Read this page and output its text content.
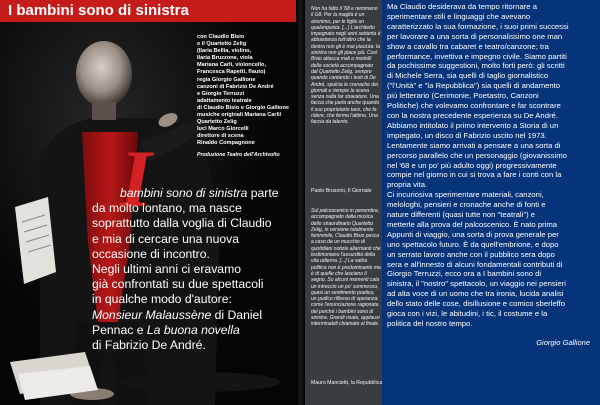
I bambini sono di sinistra
con Claudio Bisio
e il Quartetto Zelig
(Ilaria Bellia, violino,
Ilaria Bruzzone, viola
Mariana Carli, violoncello,
Francesca Rapetti, flauto)
regia Giorgio Gallione
canzoni di Fabrizio De André
e Giorgio Terruzzi
adattamento teatrale
di Claudio Bisio e Giorgio Gallione
musiche originali Mariana Carli/
Quartetto Zelig
luci Marco Giorcelli
direttore di scena
Rinaldo Compagnone
Produzione Teatro dell'Archivolto
I
bambini sono di sinistra parte
da molto lontano, ma nasce
soprattutto dalla voglia di Claudio
e mia di cercare una nuova
occasione di incontro.
Negli ultimi anni ci eravamo
già confrontati su due spettacoli
in qualche modo d'autore:
Monsieur Malaussène di Daniel
Pennac e La buona novella
di Fabrizio De André.
Non ha fatto il '68 e nemmeno il G8. Per la maglia è un anonimo, per le figlie un qualunquista. [...] L'architetto impegnato negli anni settanta è abbastanza tutt'altro che la destra non gli è mai piaciuta: la sinistra non gli piace più. Così Bisio attacca mali e modelli della società accompagnato dal Quartetto Zelig, sempre quando cantando i testi di De André, spulcia le cronache dei giornali e riempie la scena senza nulla far sbavature. Una faccia che parla anche quando il suo proprietario tace, che fa ridere, che ferma l'attimo. Una faccia da talento.
Paolo Brusorio, Il Giornale
Sul palcoscenico in penombra, accompagnato dalla musica dello straordinario Quartetto Zelig, in versione totalmente femminile, Claudio Bisio pesca a caso da un mucchio di quotidiani notizie allarmanti che testimoniano l'assurdità della vita odierna. [...] La satira politica non è predominante ma è di quelle che lasciano il segno. Su alcuni momenti cala un intreccio un po' sommesso, quasi un sentimento poetico, un pudico riflesso di speranza: come l'enunciazione ragionata del perché i bambini sono di sinistra. Grandi risate, applausi interminabili chiamate al finale.
Mauro Mancietti, la Repubblica
Ma Claudio desiderava da tempo ritornare a
sperimentare stili e linguaggi che avevano
caratterizzato la sua formazione, i suoi primi successi
per lavorare a una sorta di personalissimo one man
show a cavallo tra cabaret e teatro/canzone; tra
performance, invettiva e impegno civile. Siamo partiti
da pochissime suggestioni, molto forti però: gli scritti
di Michele Serra, sia quelli di taglio giornalistico
("l'Unità" e "la Repubblica") sia quelli di andamento
più letterario (Cerimonie, Poetastro, Canzoni
Politiche) che volevamo confrontare e far scontrare
con la nostra precedente esperienza su De André.
Abbiamo intitolato il primo intervento a Storia di un
impiegato, un disco di Fabrizio uscito nel 1973.
Lentamente siamo arrivati a pensare a una sorta di
percorso parallelo che un personaggio (giovanissimo
nel '68 e un po' più adulto oggi) progressivamente
compie nel giorno in cui si trova a fare i conti con la
propria vita.
Ci incuriosiva sperimentare materiali, canzoni,
melologhi, pensieri e cronache anche di fonti e
nature differenti (quasi tutte non "teatrali") e
metterle alla prova del palcoscenico. È nato prima
Appunti di viaggio, una sorta di prova generale per
uno spettacolo futuro. È da quell'embrione, e dopo
un serrato lavoro anche con il pubblico sera dopo
sera e all'innesto di alcuni fondamentali contributi di
Giorgio Terruzzi, ecco ora a I bambini sono di
sinistra, il "nostro" spettacolo, un viaggio nei pensieri
ad alta voce di un uomo che tra ironia, lucida analisi
dello stato delle cose, disillusione e comico sberleffo
gioca con i vizi, le abitudini, i tic, il costume e la
politica del nostro tempo.
Giorgio Gallione
